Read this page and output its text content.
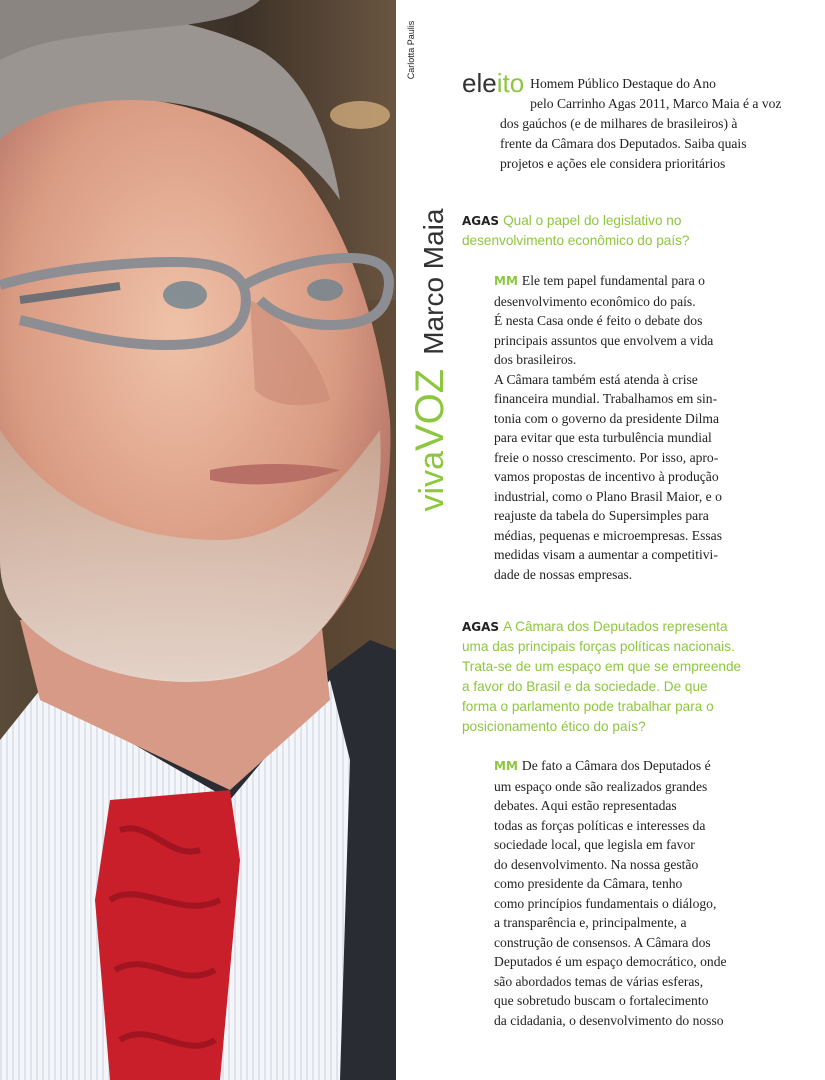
Carlotta Paulis
vivaVOZMarco Maia
eleito Homem Público Destaque do Ano
pelo Carrinho Agas 2011, Marco Maia é a voz
dos gaúchos (e de milhares de brasileiros) à
frente da Câmara dos Deputados. Saiba quais
projetos e ações ele considera prioritários
AGAS Qual o papel do legislativo no
desenvolvimento econômico do país?
MM Ele tem papel fundamental para o
desenvolvimento econômico do país.
É nesta Casa onde é feito o debate dos
principais assuntos que envolvem a vida
dos brasileiros.
A Câmara também está atenda à crise
financeira mundial. Trabalhamos em sin-
tonia com o governo da presidente Dilma
para evitar que esta turbulência mundial
freie o nosso crescimento. Por isso, apro-
vamos propostas de incentivo à produção
industrial, como o Plano Brasil Maior, e o
reajuste da tabela do Supersimples para
médias, pequenas e microempresas. Essas
medidas visam a aumentar a competitivi-
dade de nossas empresas.
AGAS A Câmara dos Deputados representa
uma das principais forças políticas nacionais.
Trata-se de um espaço em que se empreende
a favor do Brasil e da sociedade. De que
forma o parlamento pode trabalhar para o
posicionamento ético do país?
MM De fato a Câmara dos Deputados é
um espaço onde são realizados grandes
debates. Aqui estão representadas
todas as forças políticas e interesses da
sociedade local, que legisla em favor
do desenvolvimento. Na nossa gestão
como presidente da Câmara, tenho
como princípios fundamentais o diálogo,
a transparência e, principalmente, a
construção de consensos. A Câmara dos
Deputados é um espaço democrático, onde
são abordados temas de várias esferas,
que sobretudo buscam o fortalecimento
da cidadania, o desenvolvimento do nosso
